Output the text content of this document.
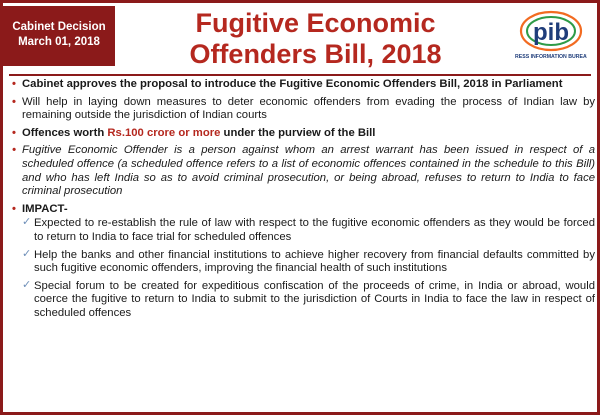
Cabinet Decision
March 01, 2018
Fugitive Economic
Offenders Bill, 2018
pib
PRESS INFORMATION BUREAU
• Cabinet approves the proposal to introduce the Fugitive Economic Offenders Bill, 2018 in Parliament
• Will help in laying down measures to deter economic offenders from evading the process of Indian law by remaining outside the jurisdiction of Indian courts
• Offences worth Rs.100 crore or more under the purview of the Bill
• Fugitive Economic Offender is a person against whom an arrest warrant has been issued in respect of a scheduled offence (a scheduled offence refers to a list of economic offences contained in the schedule to this Bill) and who has left India so as to avoid criminal prosecution, or being abroad, refuses to return to India to face criminal prosecution
• IMPACT-
✓ Expected to re-establish the rule of law with respect to the fugitive economic offenders as they would be forced to return to India to face trial for scheduled offences
✓ Help the banks and other financial institutions to achieve higher recovery from financial defaults committed by such fugitive economic offenders, improving the financial health of such institutions
✓ Special forum to be created for expeditious confiscation of the proceeds of crime, in India or abroad, would coerce the fugitive to return to India to submit to the jurisdiction of Courts in India to face the law in respect of scheduled offences
